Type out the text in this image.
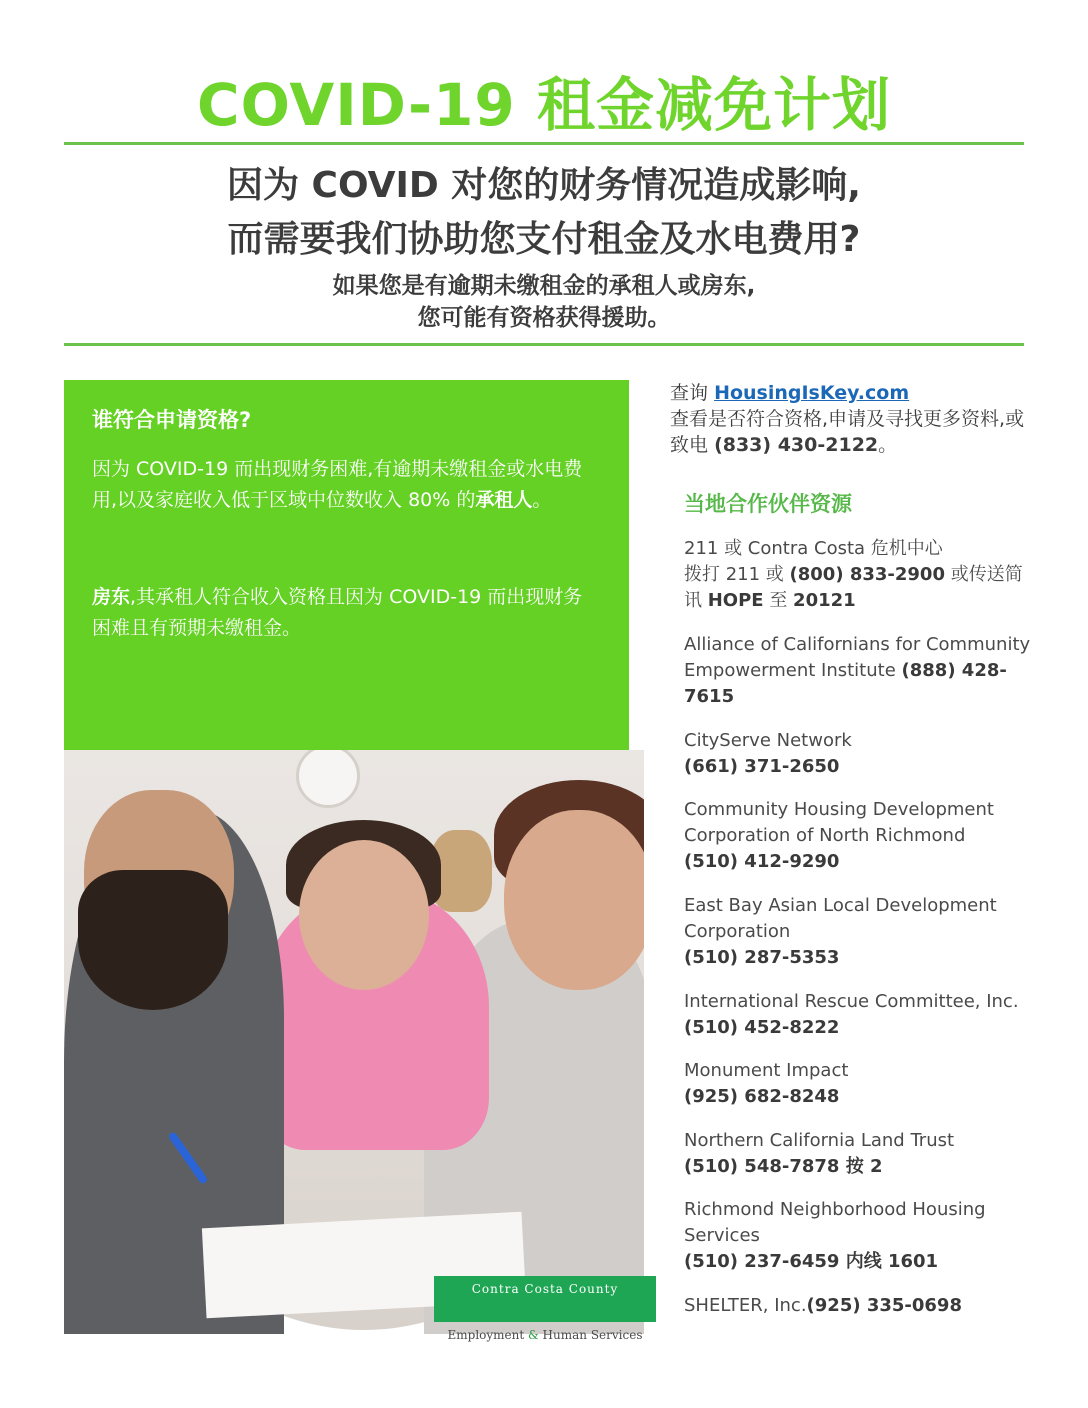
COVID-19 租金减免计划
因为 COVID 对您的财务情况造成影响,
而需要我们协助您支付租金及水电费用?
如果您是有逾期未缴租金的承租人或房东,
您可能有资格获得援助。
谁符合申请资格?
因为 COVID-19 而出现财务困难,有逾期未缴租金或水电费用,以及家庭收入低于区域中位数收入 80% 的承租人。
房东,其承租人符合收入资格且因为 COVID-19 而出现财务困难且有预期未缴租金。
Contra Costa County
Employment & Human Services
查询 HousingIsKey.com
查看是否符合资格,申请及寻找更多资料,或致电 (833) 430-2122。
当地合作伙伴资源
211 或 Contra Costa 危机中心
拨打 211 或 (800) 833-2900 或传送简讯 HOPE 至 20121
Alliance of Californians for Community Empowerment Institute (888) 428-7615
CityServe Network
(661) 371-2650
Community Housing Development Corporation of North Richmond
(510) 412-9290
East Bay Asian Local Development Corporation
(510) 287-5353
International Rescue Committee, Inc.(510) 452-8222
Monument Impact
(925) 682-8248
Northern California Land Trust
(510) 548-7878 按 2
Richmond Neighborhood Housing Services
(510) 237-6459 内线 1601
SHELTER, Inc.(925) 335-0698
